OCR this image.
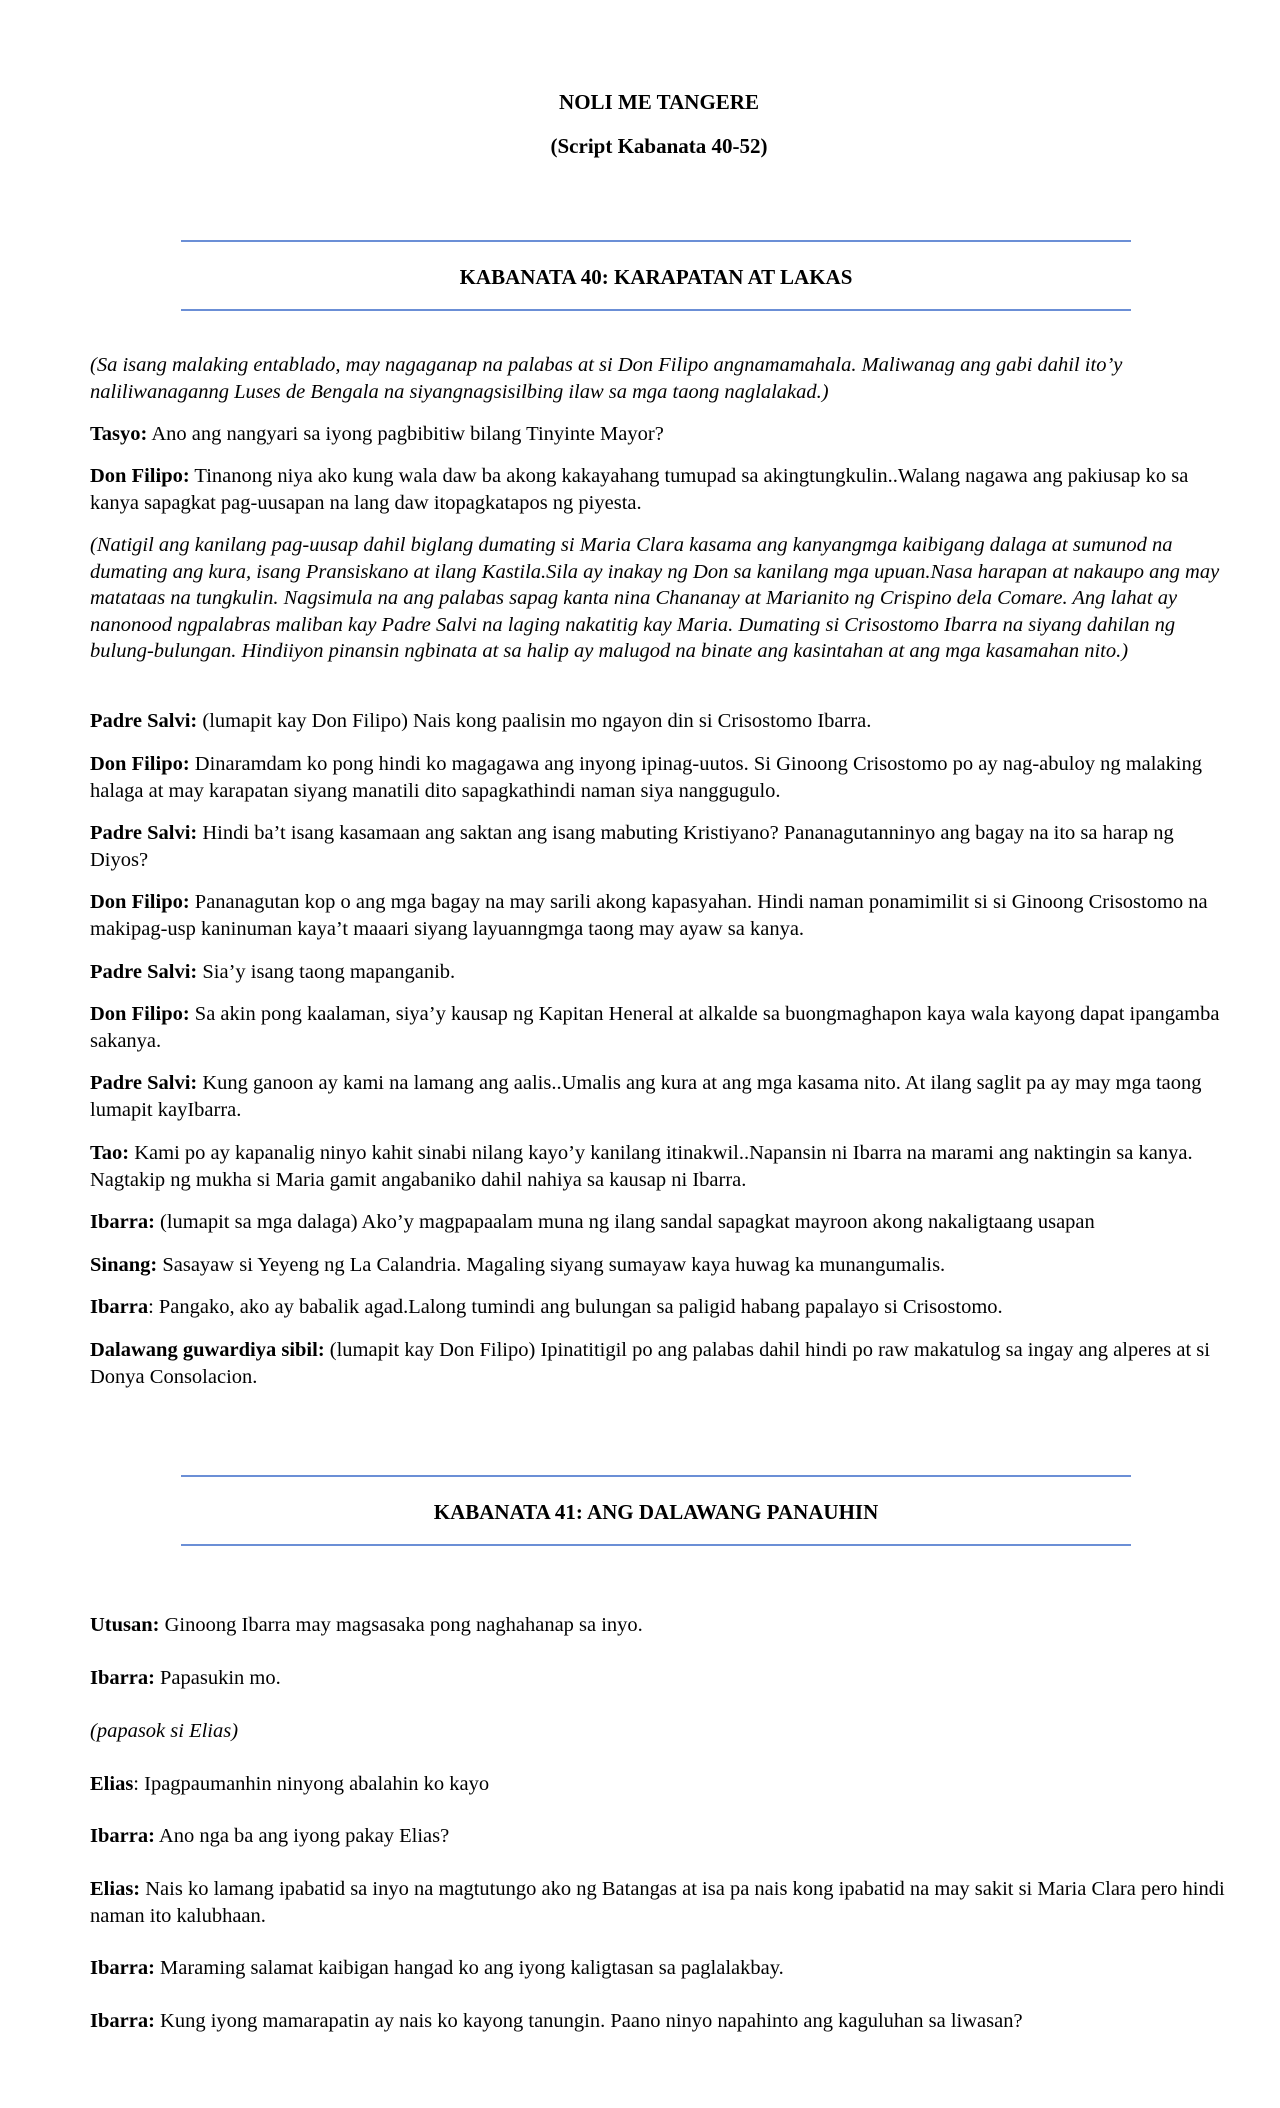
NOLI ME TANGERE
(Script Kabanata 40-52)
KABANATA 40: KARAPATAN AT LAKAS

(Sa isang malaking entablado, may nagaganap na palabas at si Don Filipo angnamamahala. Maliwanag ang gabi dahil ito’y naliliwanaganng Luses de Bengala na siyangnagsisilbing ilaw sa mga taong naglalakad.)

Tasyo: Ano ang nangyari sa iyong pagbibitiw bilang Tinyinte Mayor?

Don Filipo: Tinanong niya ako kung wala daw ba akong kakayahang tumupad sa akingtungkulin..Walang nagawa ang pakiusap ko sa kanya sapagkat pag-uusapan na lang daw itopagkatapos ng piyesta.

(Natigil ang kanilang pag-uusap dahil biglang dumating si Maria Clara kasama ang kanyangmga kaibigang dalaga at sumunod na dumating ang kura, isang Pransiskano at ilang Kastila.Sila ay inakay ng Don sa kanilang mga upuan.Nasa harapan at nakaupo ang may matataas na tungkulin. Nagsimula na ang palabas sapag kanta nina Chananay at Marianito ng Crispino dela Comare. Ang lahat ay nanonood ngpalabras maliban kay Padre Salvi na laging nakatitig kay Maria. Dumating si Crisostomo Ibarra na siyang dahilan ng bulung-bulungan. Hindiiyon pinansin ngbinata at sa halip ay malugod na binate ang kasintahan at ang mga kasamahan nito.)

Padre Salvi: (lumapit kay Don Filipo) Nais kong paalisin mo ngayon din si Crisostomo Ibarra.

Don Filipo: Dinaramdam ko pong hindi ko magagawa ang inyong ipinag-uutos. Si Ginoong Crisostomo po ay nag-abuloy ng malaking halaga at may karapatan siyang manatili dito sapagkathindi naman siya nanggugulo.

Padre Salvi: Hindi ba’t isang kasamaan ang saktan ang isang mabuting Kristiyano? Pananagutanninyo ang bagay na ito sa harap ng Diyos?

Don Filipo: Pananagutan kop o ang mga bagay na may sarili akong kapasyahan. Hindi naman ponamimilit si si Ginoong Crisostomo na makipag-usp kaninuman kaya’t maaari siyang layuanngmga taong may ayaw sa kanya.

Padre Salvi: Sia’y isang taong mapanganib.

Don Filipo: Sa akin pong kaalaman, siya’y kausap ng Kapitan Heneral at alkalde sa buongmaghapon kaya wala kayong dapat ipangamba sakanya.

Padre Salvi: Kung ganoon ay kami na lamang ang aalis..Umalis ang kura at ang mga kasama nito. At ilang saglit pa ay may mga taong lumapit kayIbarra.

Tao: Kami po ay kapanalig ninyo kahit sinabi nilang kayo’y kanilang itinakwil..Napansin ni Ibarra na marami ang naktingin sa kanya. Nagtakip ng mukha si Maria gamit angabaniko dahil nahiya sa kausap ni Ibarra.

Ibarra: (lumapit sa mga dalaga) Ako’y magpapaalam muna ng ilang sandal sapagkat mayroon akong nakaligtaang usapan

Sinang: Sasayaw si Yeyeng ng La Calandria. Magaling siyang sumayaw kaya huwag ka munangumalis.

Ibarra: Pangako, ako ay babalik agad.Lalong tumindi ang bulungan sa paligid habang papalayo si Crisostomo.

Dalawang guwardiya sibil: (lumapit kay Don Filipo) Ipinatitigil po ang palabas dahil hindi po raw makatulog sa ingay ang alperes at si Donya Consolacion.

KABANATA 41: ANG DALAWANG PANAUHIN

Utusan: Ginoong Ibarra may magsasaka pong naghahanap sa inyo.

Ibarra: Papasukin mo.

(papasok si Elias)

Elias: Ipagpaumanhin ninyong abalahin ko kayo

Ibarra: Ano nga ba ang iyong pakay Elias?

Elias: Nais ko lamang ipabatid sa inyo na magtutungo ako ng Batangas at isa pa nais kong ipabatid na may sakit si Maria Clara pero hindi naman ito kalubhaan.

Ibarra: Maraming salamat kaibigan hangad ko ang iyong kaligtasan sa paglalakbay.

Ibarra: Kung iyong mamarapatin ay nais ko kayong tanungin. Paano ninyo napahinto ang kaguluhan sa liwasan?
